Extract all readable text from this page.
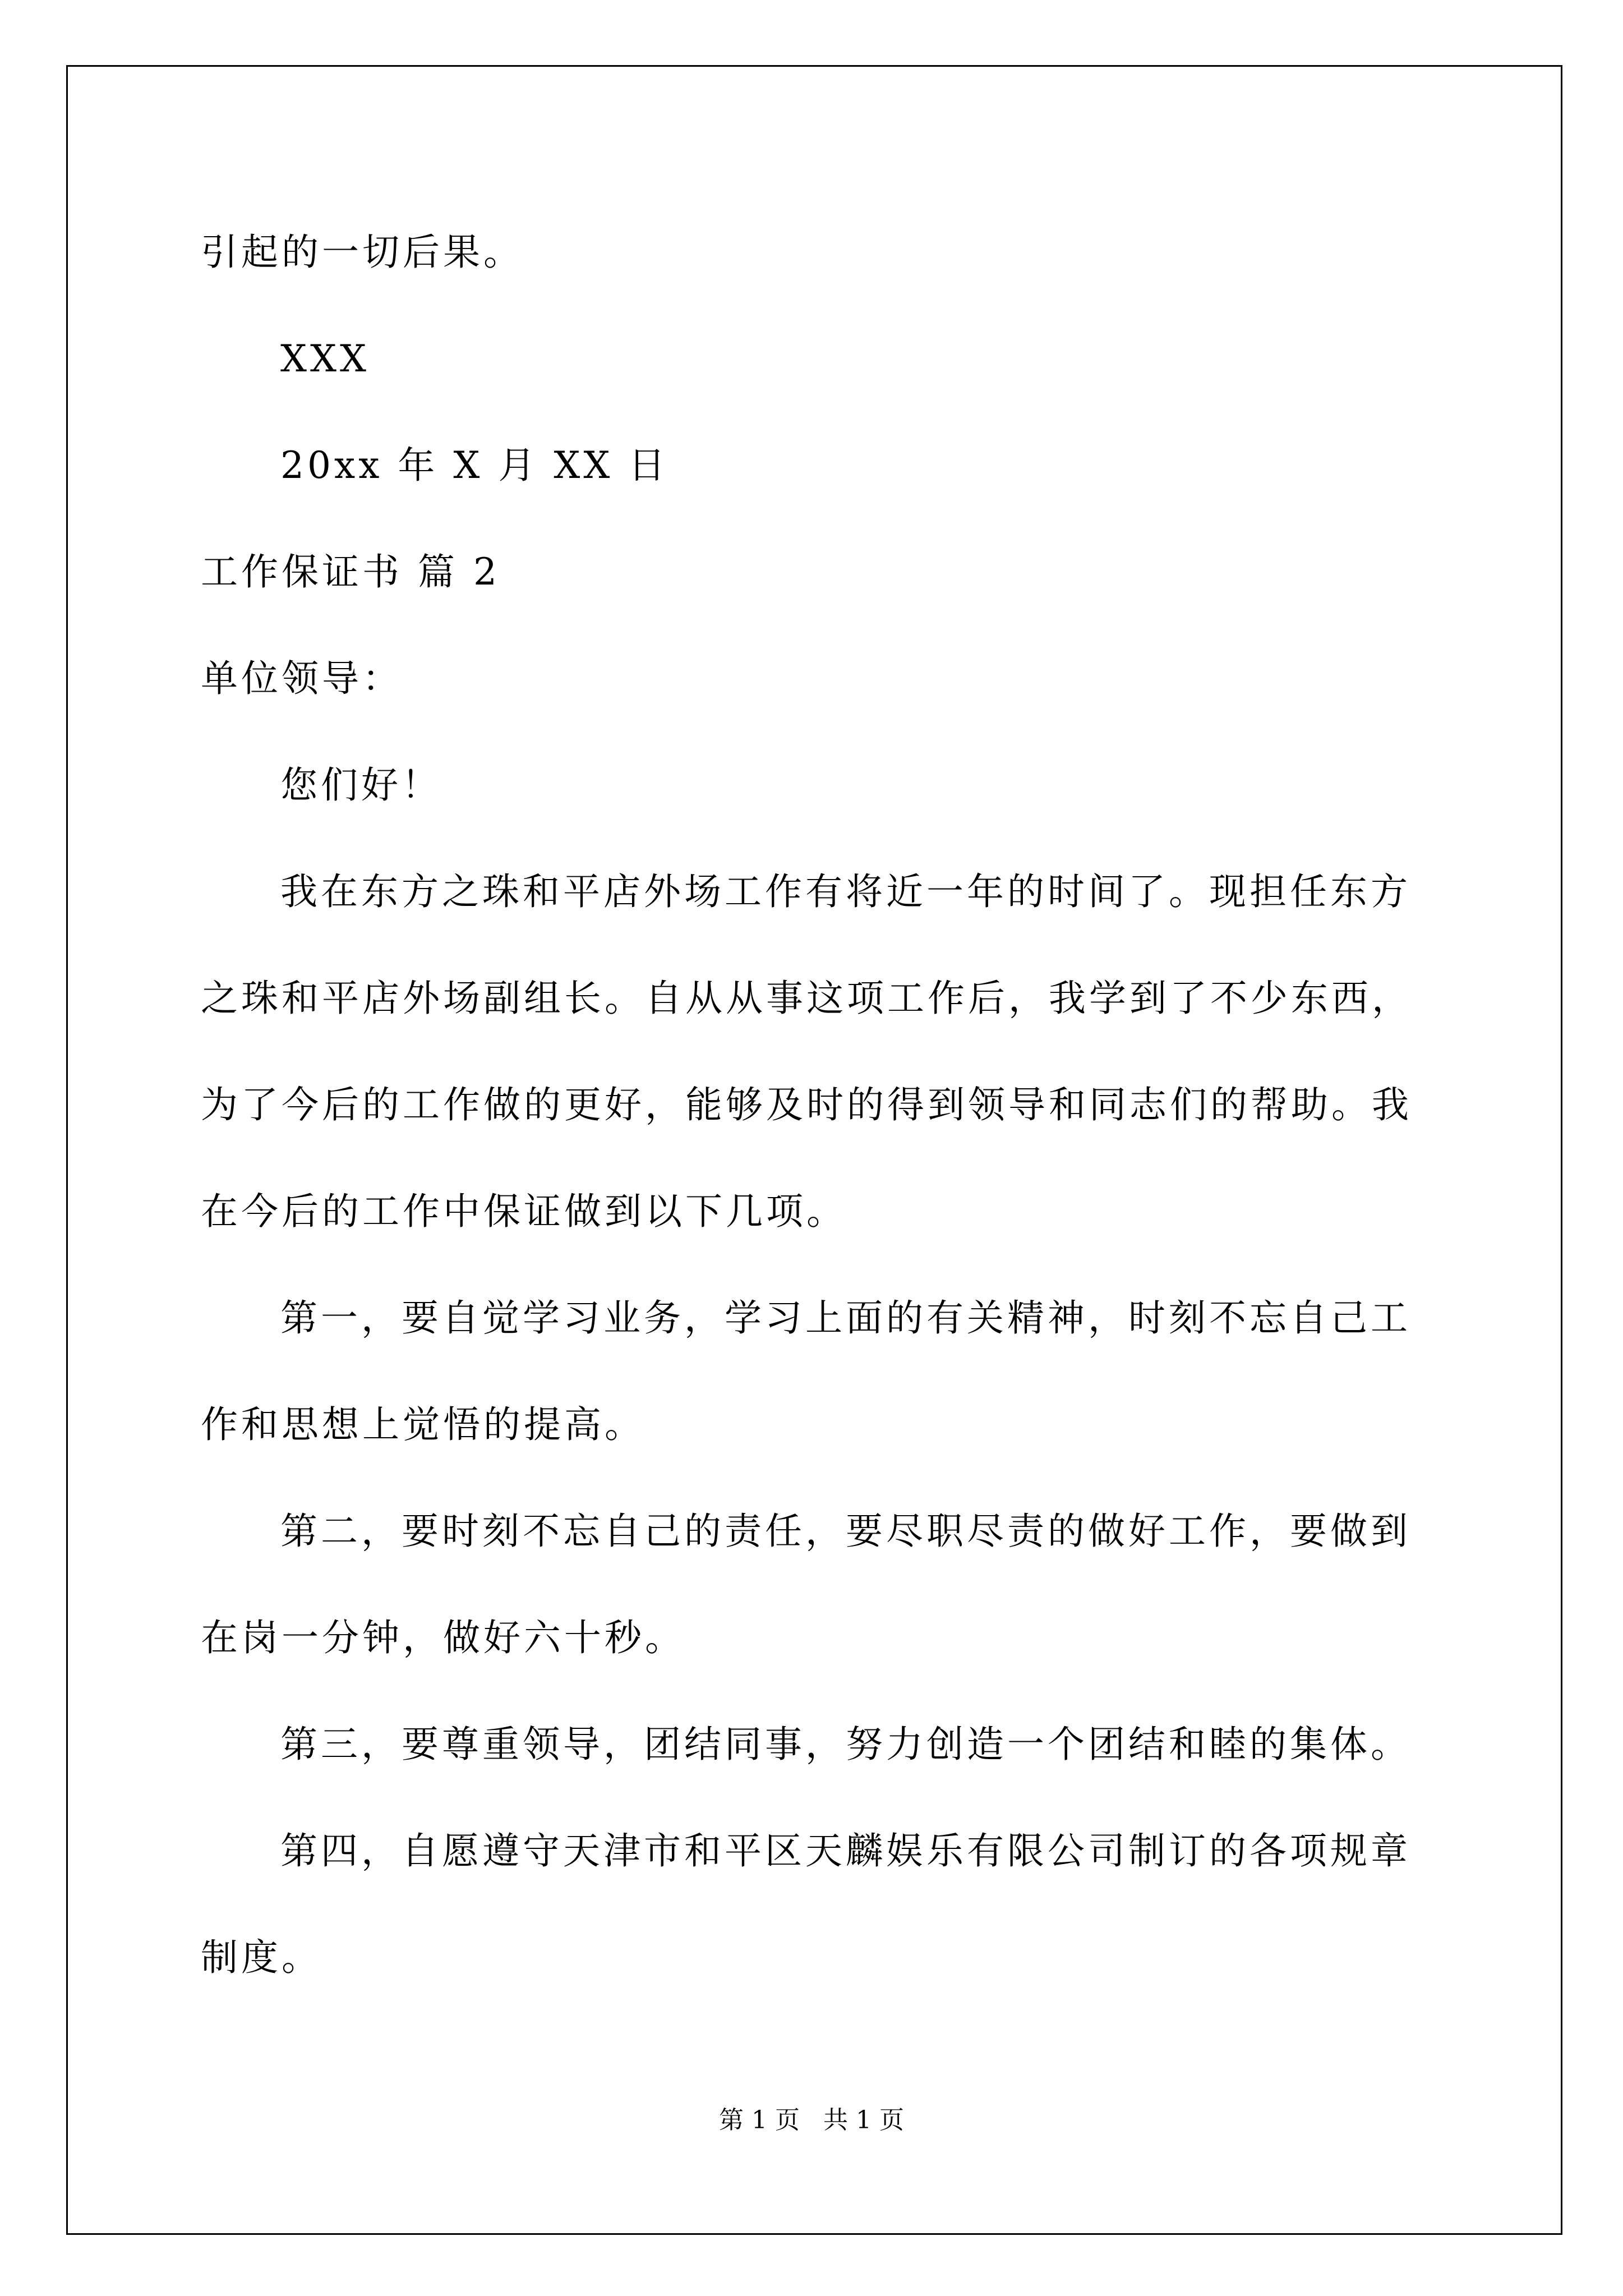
引起的一切后果。
XXX
20xx 年 X 月 XX 日
工作保证书 篇 2
单位领导：
您们好！
我在东方之珠和平店外场工作有将近一年的时间了。现担任东方
之珠和平店外场副组长。自从从事这项工作后，我学到了不少东西，
为了今后的工作做的更好，能够及时的得到领导和同志们的帮助。我
在今后的工作中保证做到以下几项。
第一，要自觉学习业务，学习上面的有关精神，时刻不忘自己工
作和思想上觉悟的提高。
第二，要时刻不忘自己的责任，要尽职尽责的做好工作，要做到
在岗一分钟，做好六十秒。
第三，要尊重领导，团结同事，努力创造一个团结和睦的集体。
第四，自愿遵守天津市和平区天麟娱乐有限公司制订的各项规章
制度。
第 1 页   共 1 页
